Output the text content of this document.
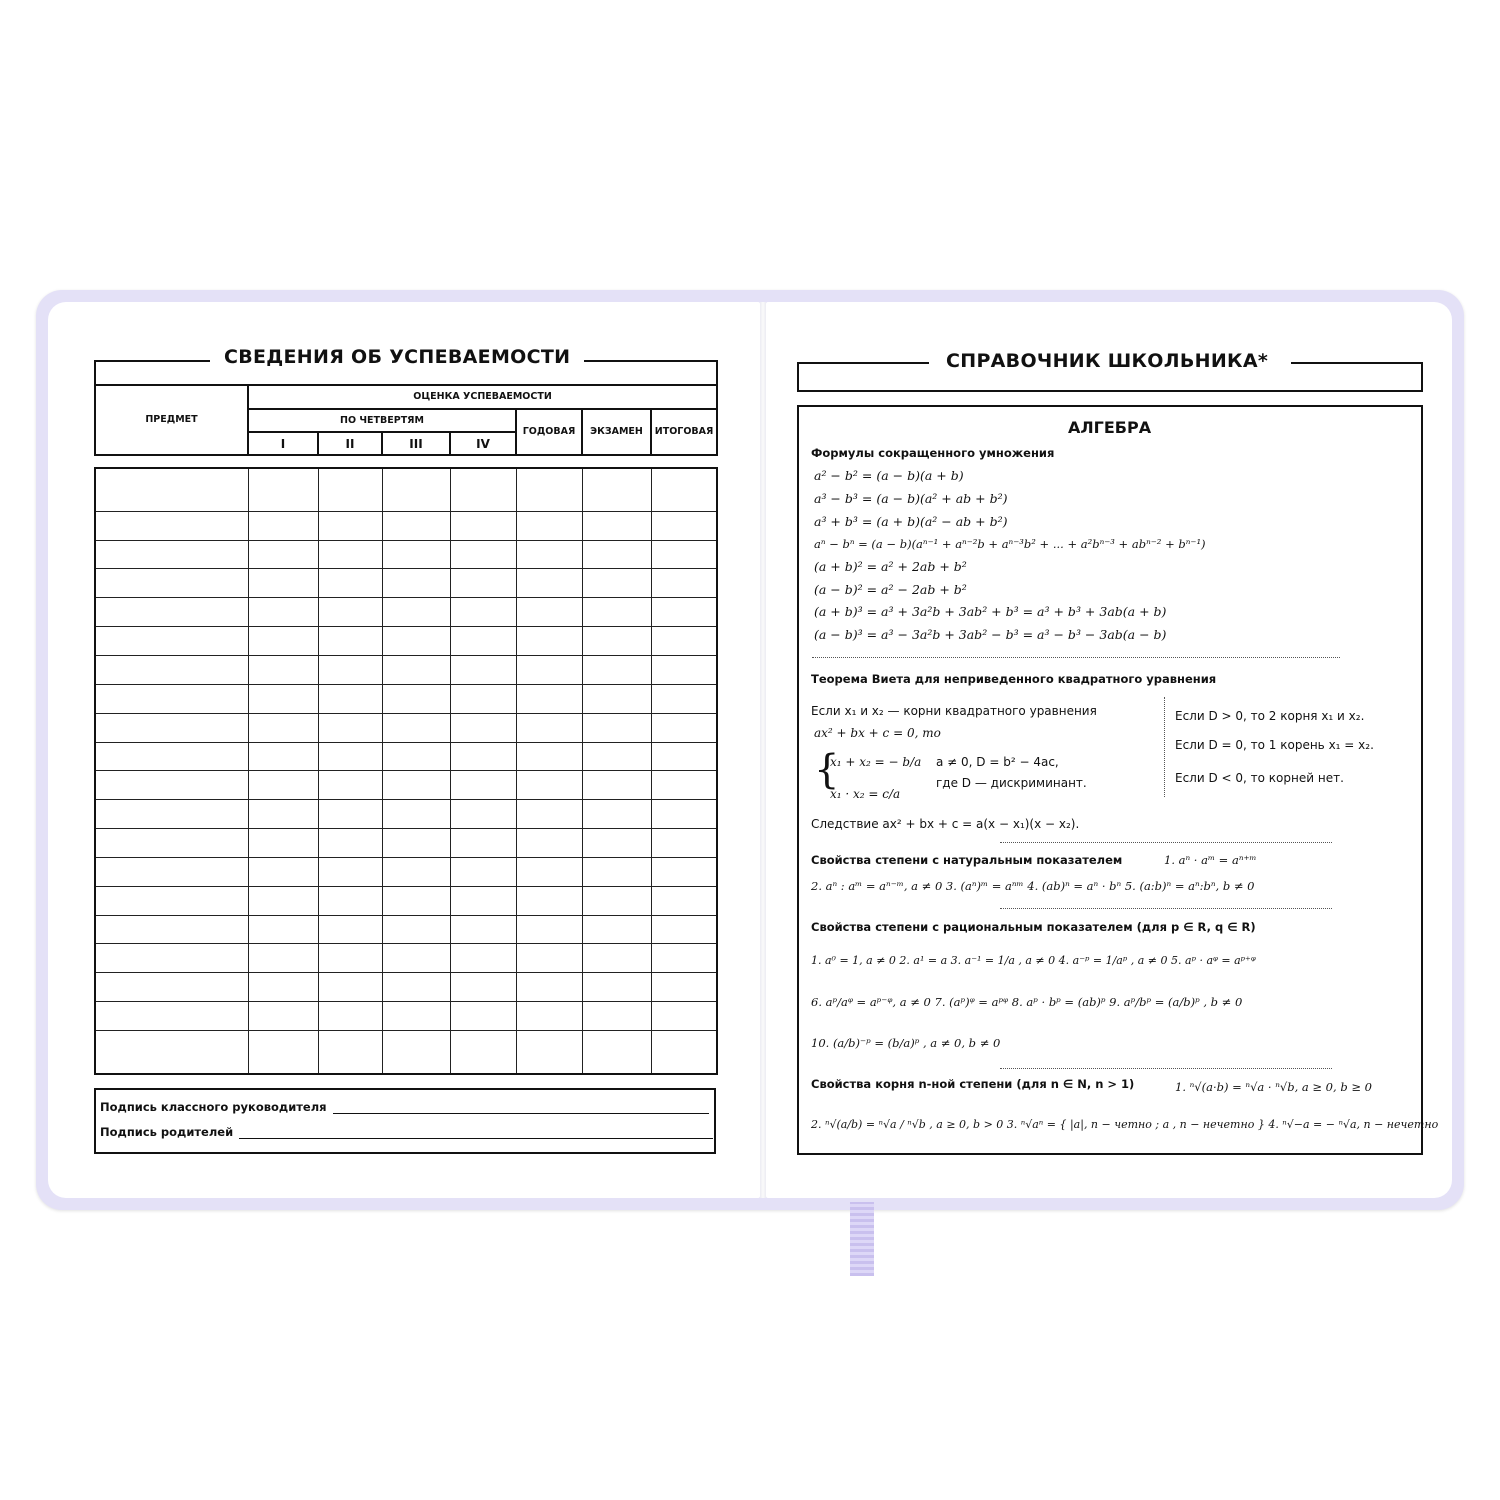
СВЕДЕНИЯ ОБ УСПЕВАЕМОСТИ
ПРЕДМЕТ	ОЦЕНКА УСПЕВАЕМОСТИ						
	ПО ЧЕТВЕРТЯМ				ГОДОВАЯ	ЭКЗАМЕН	ИТОГОВАЯ
	I	II	III	IV			

Подпись классного руководителя
Подпись родителей
СПРАВОЧНИК ШКОЛЬНИКА*
АЛГЕБРА
Формулы сокращенного умножения
a² − b² = (a − b)(a + b)
a³ − b³ = (a − b)(a² + ab + b²)
a³ + b³ = (a + b)(a² − ab + b²)
aⁿ − bⁿ = (a − b)(aⁿ⁻¹ + aⁿ⁻²b + aⁿ⁻³b² + ... + a²bⁿ⁻³ + abⁿ⁻² + bⁿ⁻¹)
(a + b)² = a² + 2ab + b²
(a − b)² = a² − 2ab + b²
(a + b)³ = a³ + 3a²b + 3ab² + b³ = a³ + b³ + 3ab(a + b)
(a − b)³ = a³ − 3a²b + 3ab² − b³ = a³ − b³ − 3ab(a − b)
Теорема Виета для неприведенного квадратного уравнения
Если x₁ и x₂ — корни квадратного уравнения
ax² + bx + c = 0, то
{
x₁ + x₂ = − b/a
x₁ · x₂ = c/a
a ≠ 0, D = b² − 4ac,
где D — дискриминант.
Если D > 0, то 2 корня x₁ и x₂.
Если D = 0, то 1 корень x₁ = x₂.
Если D < 0, то корней нет.
Следствие ax² + bx + c = a(x − x₁)(x − x₂).
Свойства степени с натуральным показателем	1. aⁿ · aᵐ = aⁿ⁺ᵐ
2. aⁿ : aᵐ = aⁿ⁻ᵐ, a ≠ 0 3. (aⁿ)ᵐ = aⁿᵐ 4. (ab)ⁿ = aⁿ · bⁿ 5. (a:b)ⁿ = aⁿ:bⁿ, b ≠ 0
Свойства степени с рациональным показателем (для p ∈ R, q ∈ R)
1. a⁰ = 1, a ≠ 0 2. a¹ = a 3. a⁻¹ = 1/a , a ≠ 0 4. a⁻ᵖ = 1/aᵖ , a ≠ 0 5. aᵖ · aᵠ = aᵖ⁺ᵠ
6. aᵖ/aᵠ = aᵖ⁻ᵠ, a ≠ 0 7. (aᵖ)ᵠ = aᵖᵠ 8. aᵖ · bᵖ = (ab)ᵖ 9. aᵖ/bᵖ = (a/b)ᵖ , b ≠ 0
10. (a/b)⁻ᵖ = (b/a)ᵖ , a ≠ 0, b ≠ 0
Свойства корня n-ной степени (для n ∈ N, n > 1)	1. ⁿ√(a·b) = ⁿ√a · ⁿ√b, a ≥ 0, b ≥ 0
2. ⁿ√(a/b) = ⁿ√a / ⁿ√b , a ≥ 0, b > 0 3. ⁿ√aⁿ = { |a|, n − четно ; a , n − нечетно } 4. ⁿ√−a = − ⁿ√a, n − нечетно
